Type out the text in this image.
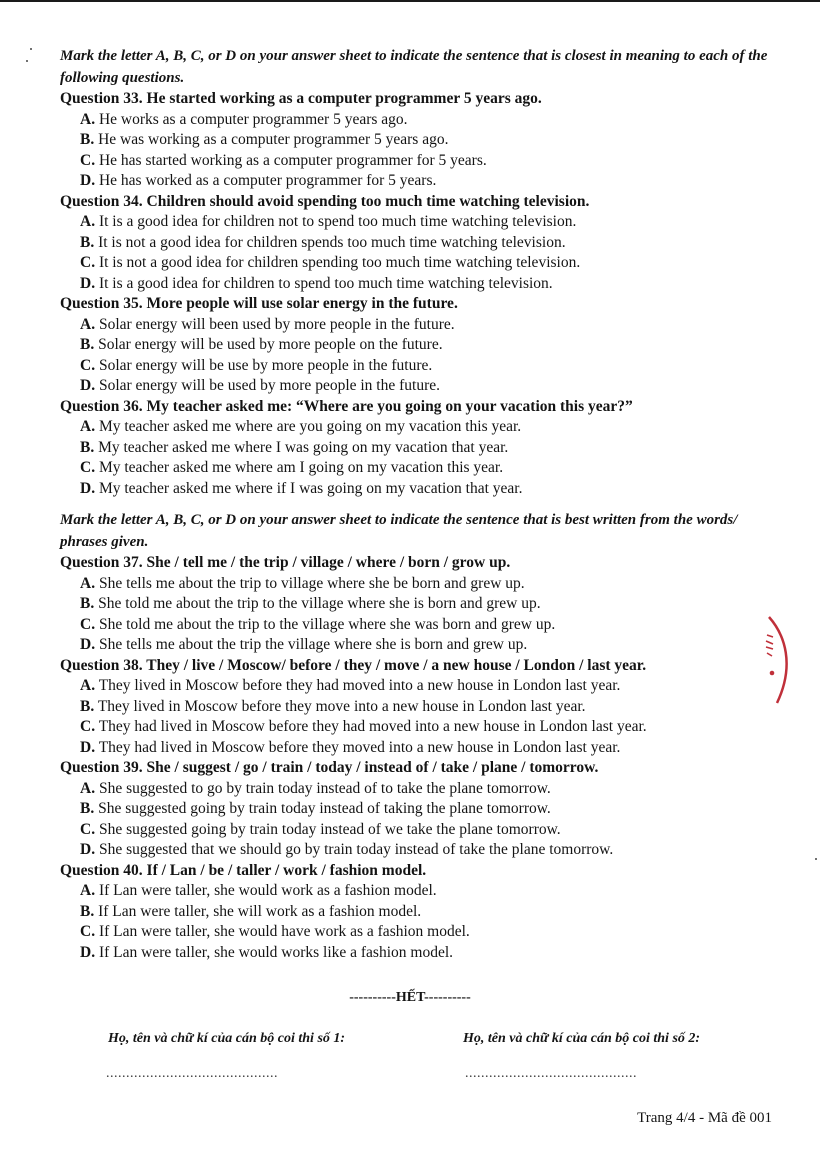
Mark the letter A, B, C, or D on your answer sheet to indicate the sentence that is closest in meaning to each of the following questions.

Question 33. He started working as a computer programmer 5 years ago.

A. He works as a computer programmer 5 years ago.

B. He was working as a computer programmer 5 years ago.

C. He has started working as a computer programmer for 5 years.

D. He has worked as a computer programmer for 5 years.

Question 34. Children should avoid spending too much time watching television.

A. It is a good idea for children not to spend too much time watching television.

B. It is not a good idea for children spends too much time watching television.

C. It is not a good idea for children spending too much time watching television.

D. It is a good idea for children to spend too much time watching television.

Question 35. More people will use solar energy in the future.

A. Solar energy will been used by more people in the future.

B. Solar energy will be used by more people on the future.

C. Solar energy will be use by more people in the future.

D. Solar energy will be used by more people in the future.

Question 36. My teacher asked me: “Where are you going on your vacation this year?”

A. My teacher asked me where are you going on my vacation this year.

B. My teacher asked me where I was going on my vacation that year.

C. My teacher asked me where am I going on my vacation this year.

D. My teacher asked me where if I was going on my vacation that year.

Mark the letter A, B, C, or D on your answer sheet to indicate the sentence that is best written from the words/ phrases given.

Question 37. She / tell me / the trip / village / where / born / grow up.

A. She tells me about the trip to village where she be born and grew up.

B. She told me about the trip to the village where she is born and grew up.

C. She told me about the trip to the village where she was born and grew up.

D. She tells me about the trip the village where she is born and grew up.

Question 38. They / live / Moscow/ before / they / move / a new house / London / last year.

A. They lived in Moscow before they had moved into a new house in London last year.

B. They lived in Moscow before they move into a new house in London last year.

C. They had lived in Moscow before they had moved into a new house in London last year.

D. They had lived in Moscow before they moved into a new house in London last year.

Question 39. She / suggest / go / train / today / instead of / take / plane / tomorrow.

A. She suggested to go by train today instead of to take the plane tomorrow.

B. She suggested going by train today instead of taking the plane tomorrow.

C. She suggested going by train today instead of we take the plane tomorrow.

D. She suggested that we should go by train today instead of take the plane tomorrow.

Question 40. If / Lan / be / taller / work / fashion model.

A. If Lan were taller, she would work as a fashion model.

B. If Lan were taller, she will work as a fashion model.

C. If Lan were taller, she would have work as a fashion model.

D. If Lan were taller, she would works like a fashion model.

----------HẾT----------
Họ, tên và chữ kí của cán bộ coi thi số 1:	Họ, tên và chữ kí của cán bộ coi thi số 2:
...........................................	...........................................
Trang 4/4 - Mã đề 001
